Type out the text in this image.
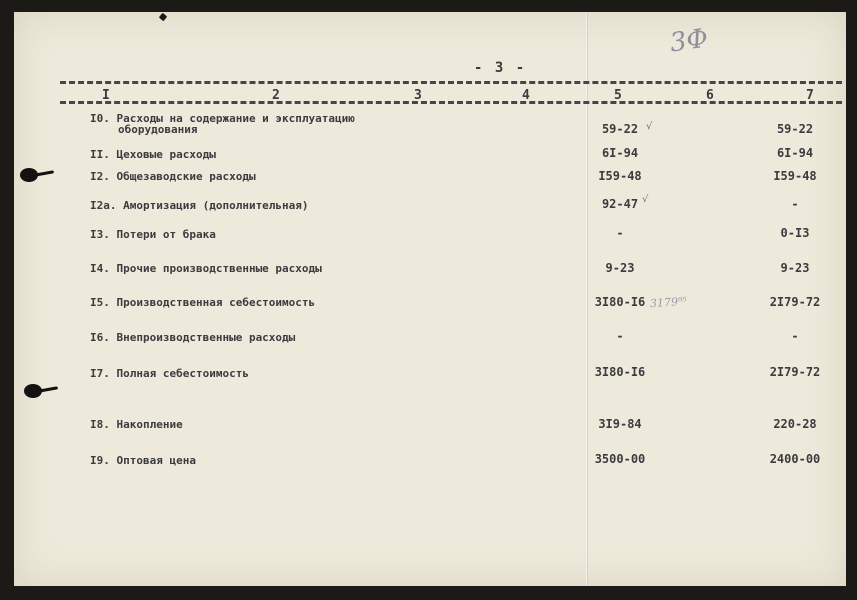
3Ф
- 3 -
I	2	3	4	5	6	7
I0. Расходы на содержание и эксплуатацию
оборудования	59-22 √	59-22
II. Цеховые расходы	6I-94	6I-94
I2. Общезаводские расходы	I59-48	I59-48
I2а. Амортизация (дополнительная)	92-47 √	-
I3. Потери от брака	-	0-I3
I4. Прочие производственные расходы	9-23	9-23
I5. Производственная себестоимость	3I80-I6 3179⁹⁵	2I79-72
I6. Внепроизводственные расходы	-	-
I7. Полная себестоимость	3I80-I6	2I79-72
I8. Накопление	3I9-84	220-28
I9. Оптовая цена	3500-00	2400-00
